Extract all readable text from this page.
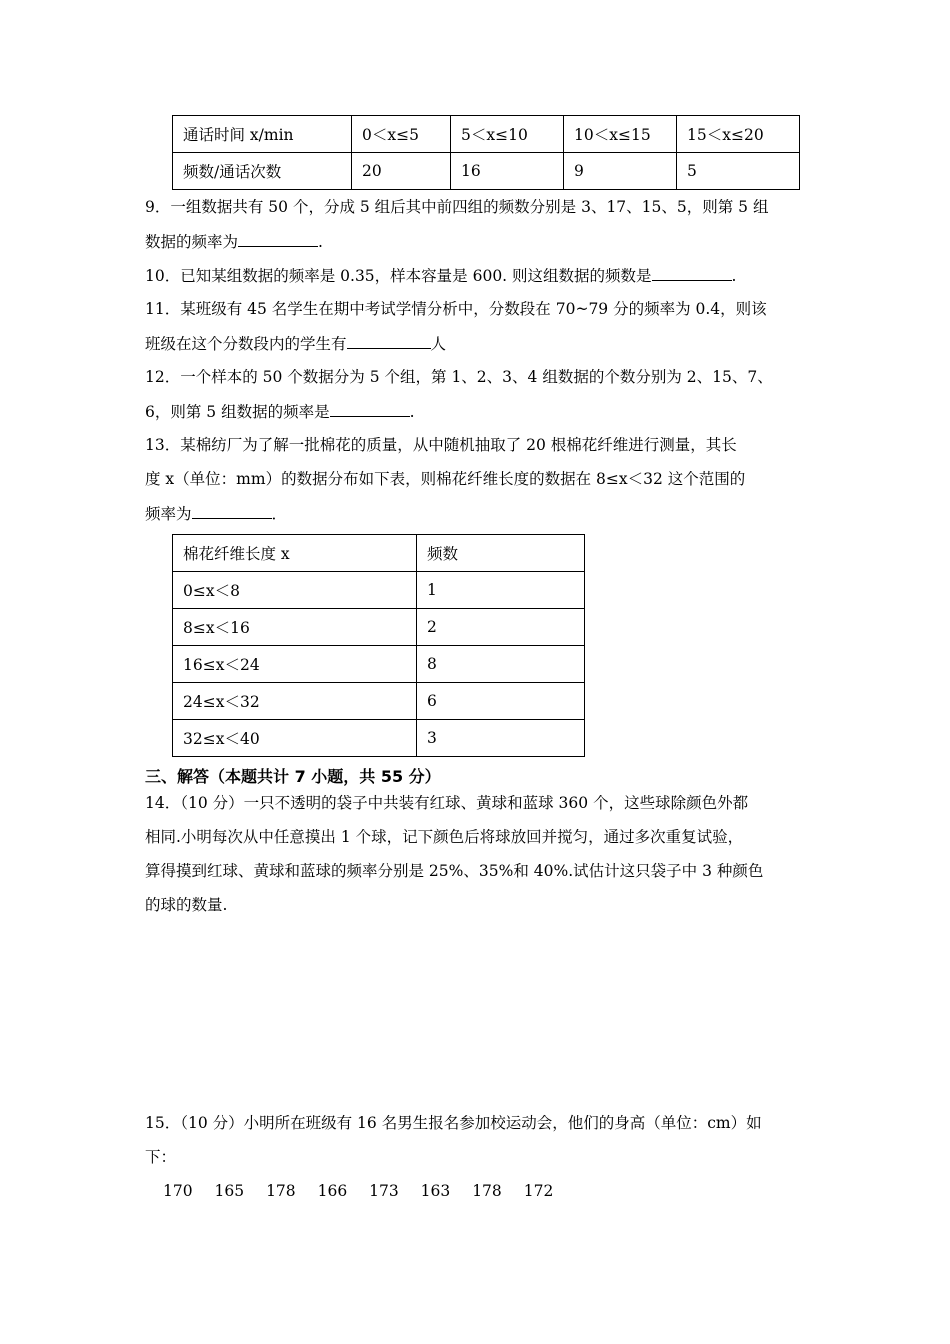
通话时间 x/min	0＜x≤5	5＜x≤10	10＜x≤15	15＜x≤20
频数/通话次数	20	16	9	5
9．一组数据共有 50 个，分成 5 组后其中前四组的频数分别是 3、17、15、5，则第 5 组
数据的频率为	.
10．已知某组数据的频率是 0.35，样本容量是 600. 则这组数据的频数是	.
11．某班级有 45 名学生在期中考试学情分析中，分数段在 70~79 分的频率为 0.4，则该
班级在这个分数段内的学生有	人
12．一个样本的 50 个数据分为 5 个组，第 1、2、3、4 组数据的个数分别为 2、15、7、
6，则第 5 组数据的频率是	.
13．某棉纺厂为了解一批棉花的质量，从中随机抽取了 20 根棉花纤维进行测量，其长
度 x（单位：mm）的数据分布如下表，则棉花纤维长度的数据在 8≤x＜32 这个范围的
频率为	．
棉花纤维长度 x	频数
0≤x＜8	1
8≤x＜16	2
16≤x＜24	8
24≤x＜32	6
32≤x＜40	3
三、解答（本题共计 7 小题，共 55 分）
14．（10 分）一只不透明的袋子中共装有红球、黄球和蓝球 360 个，这些球除颜色外都
相同.小明每次从中任意摸出 1 个球，记下颜色后将球放回并搅匀，通过多次重复试验，
算得摸到红球、黄球和蓝球的频率分别是 25%、35%和 40%.试估计这只袋子中 3 种颜色
的球的数量.
15．（10 分）小明所在班级有 16 名男生报名参加校运动会，他们的身高（单位：cm）如
下：
170 165 178 166 173 163 178 172
